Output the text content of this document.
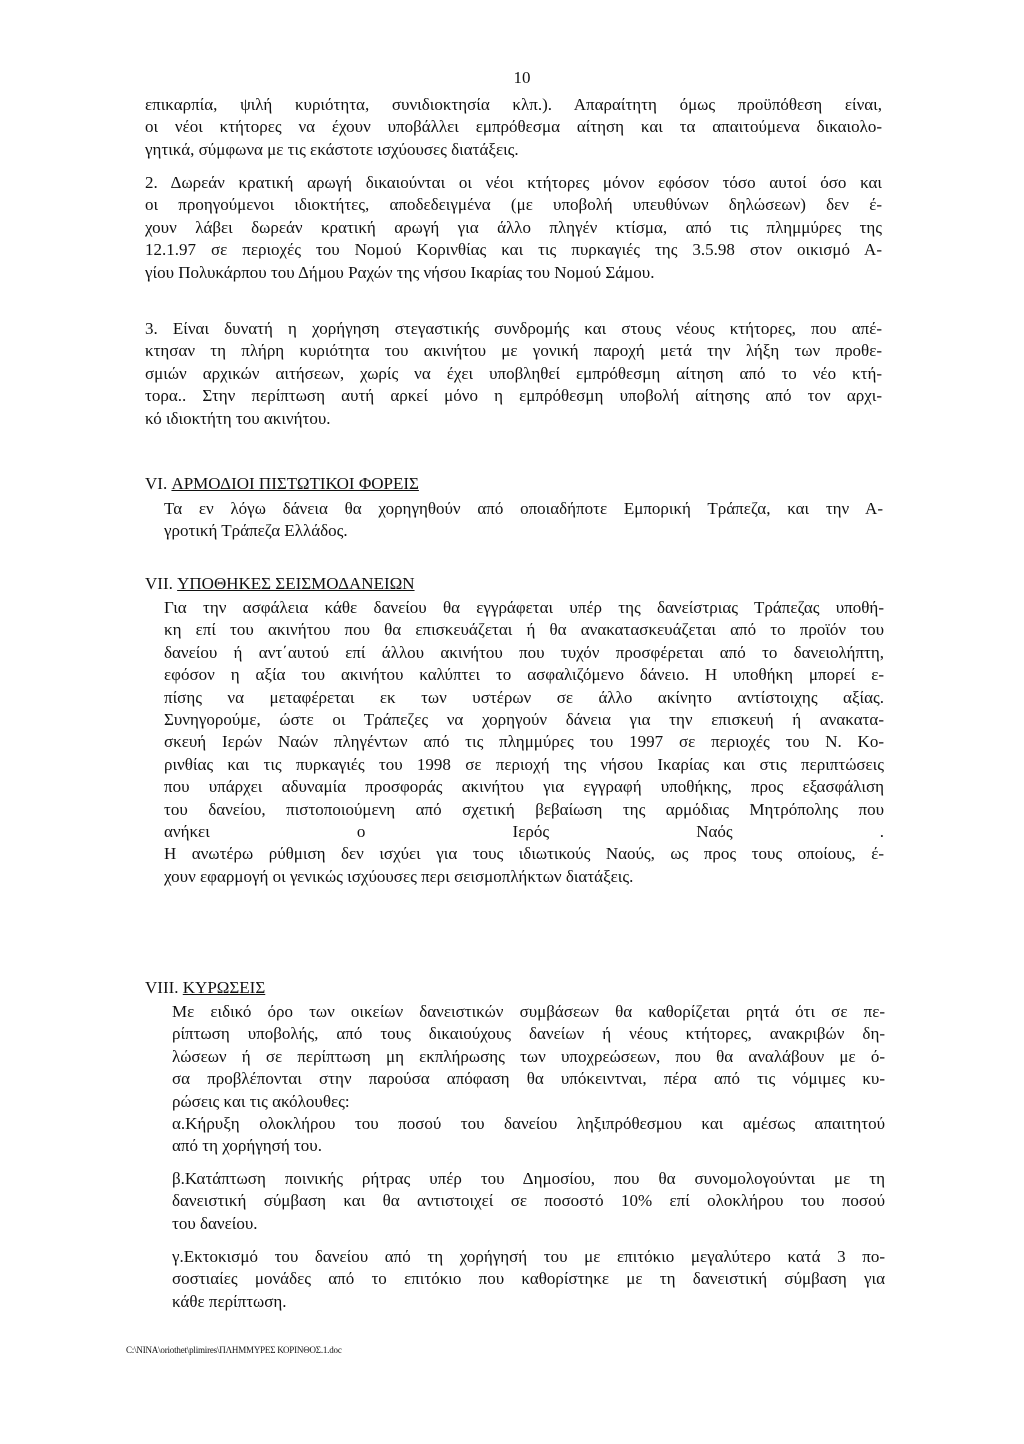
10
επικαρπία, ψιλή κυριότητα, συνιδιοκτησία κλπ.). Απαραίτητη όμως προϋπόθεση είναι,
οι νέοι κτήτορες να έχουν υποβάλλει εμπρόθεσμα αίτηση και τα απαιτούμενα δικαιολο-
γητικά, σύμφωνα με τις εκάστοτε ισχύουσες διατάξεις.
2. Δωρεάν κρατική αρωγή δικαιούνται οι νέοι κτήτορες μόνον εφόσον τόσο αυτοί όσο και
οι προηγούμενοι ιδιοκτήτες, αποδεδειγμένα (με υποβολή υπευθύνων δηλώσεων) δεν έ-
χουν λάβει δωρεάν κρατική αρωγή για άλλο πληγέν κτίσμα, από τις πλημμύρες της
12.1.97 σε περιοχές του Νομού Κορινθίας και τις πυρκαγιές της 3.5.98 στον οικισμό Α-
γίου Πολυκάρπου του Δήμου Ραχών της νήσου Ικαρίας του Νομού Σάμου.
3. Είναι δυνατή η χορήγηση στεγαστικής συνδρομής και στους νέους κτήτορες, που απέ-
κτησαν τη πλήρη κυριότητα του ακινήτου με γονική παροχή μετά την λήξη των προθε-
σμιών αρχικών αιτήσεων, χωρίς να έχει υποβληθεί εμπρόθεσμη αίτηση από το νέο κτή-
τορα.. Στην περίπτωση αυτή αρκεί μόνο η εμπρόθεσμη υποβολή αίτησης από τον αρχι-
κό ιδιοκτήτη του ακινήτου.
VI. ΑΡΜΟΔΙΟΙ ΠΙΣΤΩΤΙΚΟΙ ΦΟΡΕΙΣ
Τα εν λόγω δάνεια θα χορηγηθούν από οποιαδήποτε Εμπορική Τράπεζα, και την Α-
γροτική Τράπεζα Ελλάδος.
VII. ΥΠΟΘΗΚΕΣ ΣΕΙΣΜΟΔΑΝΕΙΩΝ
Για την ασφάλεια κάθε δανείου θα εγγράφεται υπέρ της δανείστριας Τράπεζας υποθή-
κη επί του ακινήτου που θα επισκευάζεται ή θα ανακατασκευάζεται από το προϊόν του
δανείου ή αντ΄αυτού επί άλλου ακινήτου που τυχόν προσφέρεται από το δανειολήπτη,
εφόσον η αξία του ακινήτου καλύπτει το ασφαλιζόμενο δάνειο. Η υποθήκη μπορεί ε-
πίσης να μεταφέρεται εκ των υστέρων σε άλλο ακίνητο αντίστοιχης αξίας.
Συνηγορούμε, ώστε οι Τράπεζες να χορηγούν δάνεια για την επισκευή ή ανακατα-
σκευή Ιερών Ναών πληγέντων από τις πλημμύρες του 1997 σε περιοχές του Ν. Κο-
ρινθίας και τις πυρκαγιές του 1998 σε περιοχή της νήσου Ικαρίας και στις περιπτώσεις
που υπάρχει αδυναμία προσφοράς ακινήτου για εγγραφή υποθήκης, προς εξασφάλιση
του δανείου, πιστοποιούμενη από σχετική βεβαίωση της αρμόδιας Μητρόπολης που
ανήκει ο Ιερός Ναός .
Η ανωτέρω ρύθμιση δεν ισχύει για τους ιδιωτικούς Ναούς, ως προς τους οποίους, έ-
χουν εφαρμογή οι γενικώς ισχύουσες περι σεισμοπλήκτων διατάξεις.
VIII. ΚΥΡΩΣΕΙΣ
Με ειδικό όρο των οικείων δανειστικών συμβάσεων θα καθορίζεται ρητά ότι σε πε-
ρίπτωση υποβολής, από τους δικαιούχους δανείων ή νέους κτήτορες, ανακριβών δη-
λώσεων ή σε περίπτωση μη εκπλήρωσης των υποχρεώσεων, που θα αναλάβουν με ό-
σα προβλέπονται στην παρούσα απόφαση θα υπόκειντναι, πέρα από τις νόμιμες κυ-
ρώσεις και τις ακόλουθες:
α.Κήρυξη ολοκλήρου του ποσού του δανείου ληξιπρόθεσμου και αμέσως απαιτητού
από τη χορήγησή του.
β.Κατάπτωση ποινικής ρήτρας υπέρ του Δημοσίου, που θα συνομολογούνται με τη
δανειστική σύμβαση και θα αντιστοιχεί σε ποσοστό 10% επί ολοκλήρου του ποσού
του δανείου.
γ.Εκτοκισμό του δανείου από τη χορήγησή του με επιτόκιο μεγαλύτερο κατά 3 πο-
σοστιαίες μονάδες από το επιτόκιο που καθορίστηκε με τη δανειστική σύμβαση για
κάθε περίπτωση.
C:\NINA\oriothet\plimires\ΠΛΗΜΜΥΡΕΣ ΚΟΡΙΝΘΟΣ.1.doc
